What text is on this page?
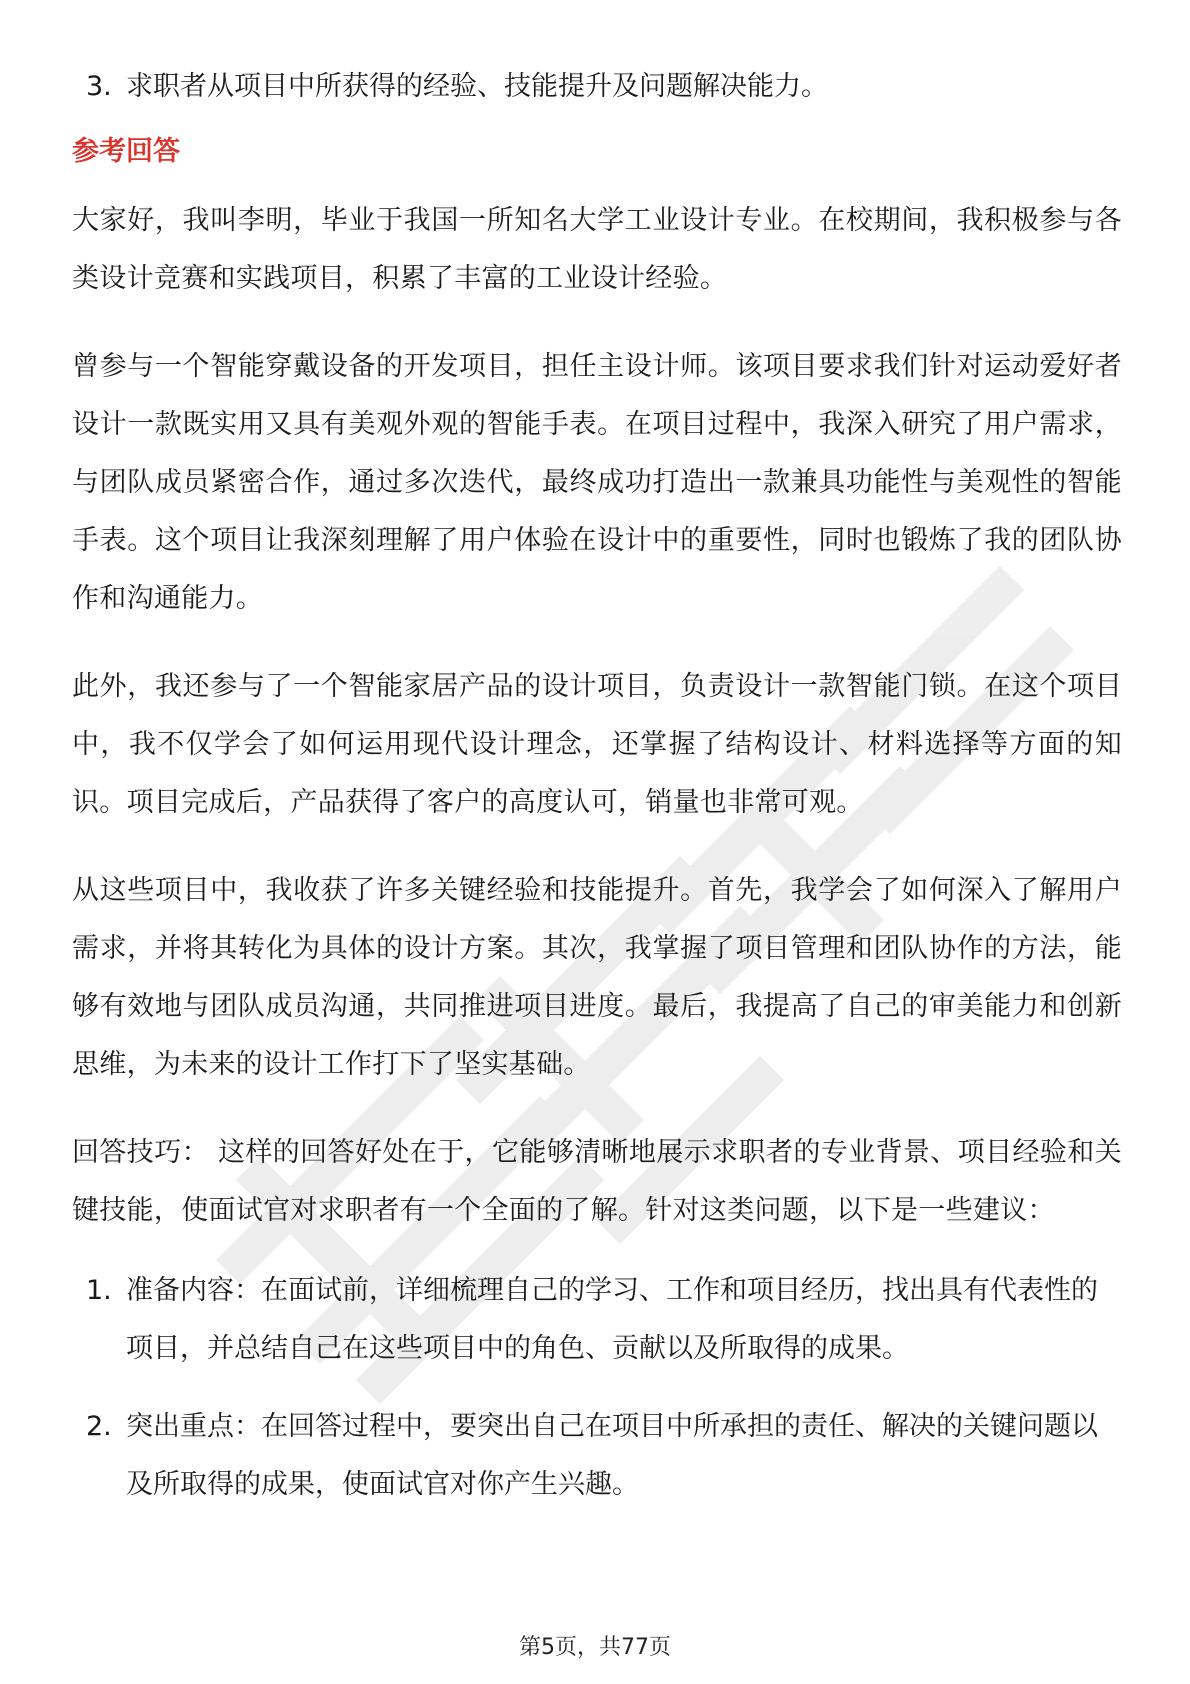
3. 求职者从项目中所获得的经验、技能提升及问题解决能力。
参考回答

大家好，我叫李明，毕业于我国一所知名大学工业设计专业。在校期间，我积极参与各类设计竞赛和实践项目，积累了丰富的工业设计经验。

曾参与一个智能穿戴设备的开发项目，担任主设计师。该项目要求我们针对运动爱好者设计一款既实用又具有美观外观的智能手表。在项目过程中，我深入研究了用户需求，与团队成员紧密合作，通过多次迭代，最终成功打造出一款兼具功能性与美观性的智能手表。这个项目让我深刻理解了用户体验在设计中的重要性，同时也锻炼了我的团队协作和沟通能力。

此外，我还参与了一个智能家居产品的设计项目，负责设计一款智能门锁。在这个项目中，我不仅学会了如何运用现代设计理念，还掌握了结构设计、材料选择等方面的知识。项目完成后，产品获得了客户的高度认可，销量也非常可观。

从这些项目中，我收获了许多关键经验和技能提升。首先，我学会了如何深入了解用户需求，并将其转化为具体的设计方案。其次，我掌握了项目管理和团队协作的方法，能够有效地与团队成员沟通，共同推进项目进度。最后，我提高了自己的审美能力和创新思维，为未来的设计工作打下了坚实基础。

回答技巧： 这样的回答好处在于，它能够清晰地展示求职者的专业背景、项目经验和关键技能，使面试官对求职者有一个全面的了解。针对这类问题，以下是一些建议：

1. 准备内容：在面试前，详细梳理自己的学习、工作和项目经历，找出具有代表性的项目，并总结自己在这些项目中的角色、贡献以及所取得的成果。
2. 突出重点：在回答过程中，要突出自己在项目中所承担的责任、解决的关键问题以及所取得的成果，使面试官对你产生兴趣。
第5页，共77页
